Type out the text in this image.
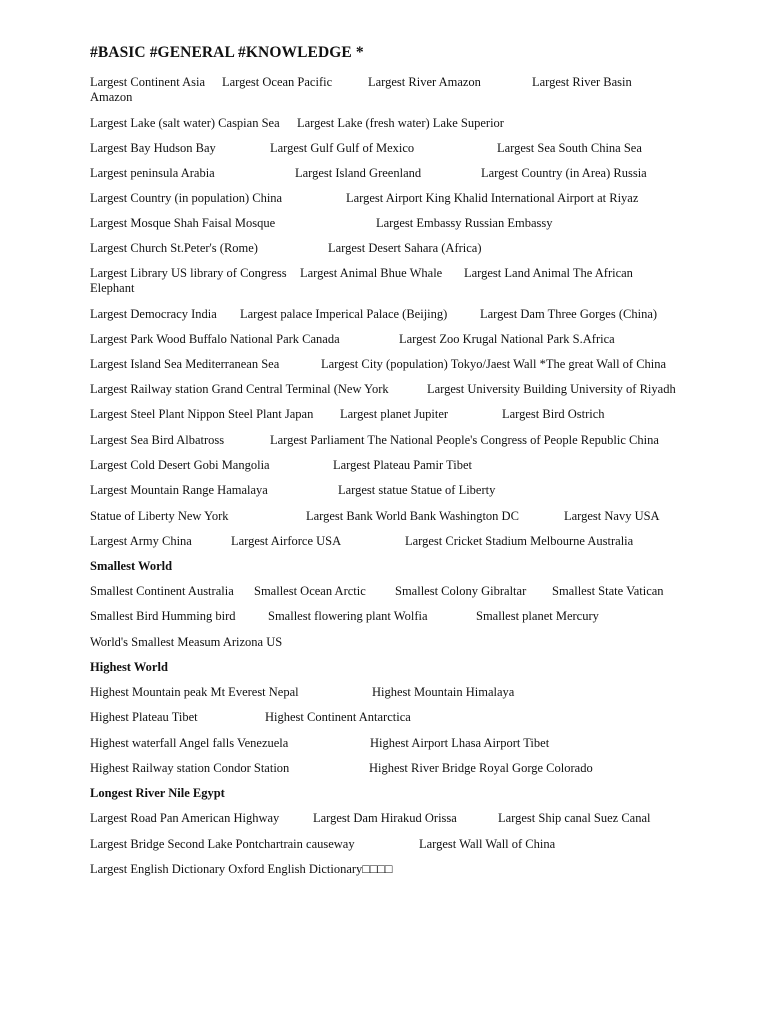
#BASIC #GENERAL #KNOWLEDGE *
Largest Continent Asia Largest Ocean Pacific	Largest River Amazon	Largest River Basin
Amazon
Largest Lake (salt water) Caspian Sea Largest Lake (fresh water) Lake Superior
Largest Bay Hudson Bay	Largest Gulf Gulf of Mexico	Largest Sea South China Sea
Largest peninsula Arabia	Largest Island Greenland	Largest Country (in Area) Russia
Largest Country (in population) China	Largest Airport King Khalid International Airport at Riyaz
Largest Mosque Shah Faisal Mosque	Largest Embassy Russian Embassy
Largest Church St.Peter's (Rome)	Largest Desert Sahara (Africa)
Largest Library US library of Congress Largest Animal Bhue Whale Largest Land Animal The African
Elephant
Largest Democracy India Largest palace Imperical Palace (Beijing)	Largest Dam Three Gorges (China)
Largest Park Wood Buffalo National Park Canada	Largest Zoo Krugal National Park S.Africa
Largest Island Sea Mediterranean Sea	Largest City (population) Tokyo/Jaest Wall *The great Wall of China
Largest Railway station Grand Central Terminal (New York	Largest University Building University of Riyadh
Largest Steel Plant Nippon Steel Plant Japan Largest planet Jupiter	Largest Bird Ostrich
Largest Sea Bird Albatross	Largest Parliament The National People's Congress of People Republic China
Largest Cold Desert Gobi Mangolia	Largest Plateau Pamir Tibet
Largest Mountain Range Hamalaya	Largest statue Statue of Liberty
Statue of Liberty New York	Largest Bank World Bank Washington DC	Largest Navy USA
Largest Army China	Largest Airforce USA	Largest Cricket Stadium Melbourne Australia
Smallest World
Smallest Continent Australia Smallest Ocean Arctic Smallest Colony Gibraltar Smallest State Vatican
Smallest Bird Humming bird	Smallest flowering plant Wolfia	Smallest planet Mercury
World's Smallest Measum Arizona US
Highest World
Highest Mountain peak Mt Everest Nepal	Highest Mountain Himalaya
Highest Plateau Tibet	Highest Continent Antarctica
Highest waterfall Angel falls Venezuela	Highest Airport Lhasa Airport Tibet
Highest Railway station Condor Station	Highest River Bridge Royal Gorge Colorado
Longest River Nile Egypt
Largest Road Pan American Highway	Largest Dam Hirakud Orissa	Largest Ship canal Suez Canal
Largest Bridge Second Lake Pontchartrain causeway	Largest Wall Wall of China
Largest English Dictionary Oxford English Dictionary□□□□
